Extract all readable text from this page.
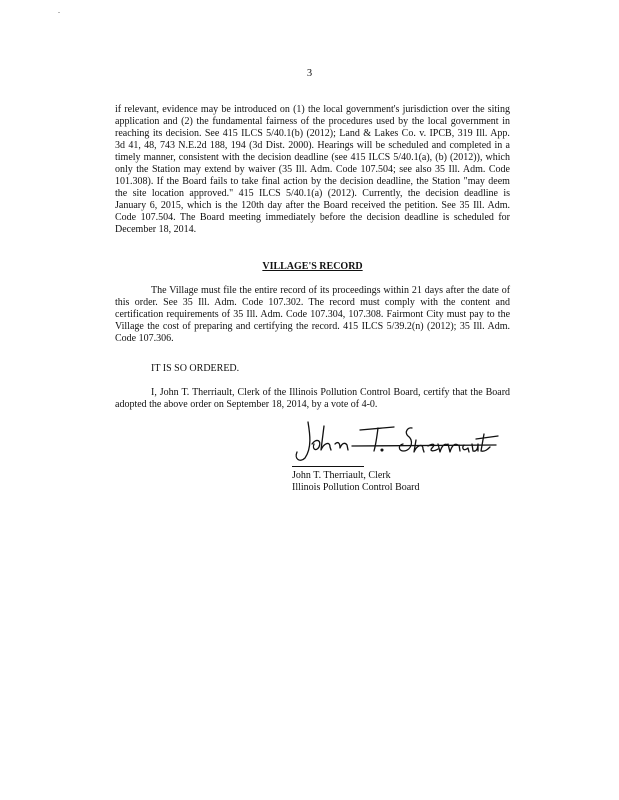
.
3

if relevant, evidence may be introduced on (1) the local government's jurisdiction over the siting
application and (2) the fundamental fairness of the procedures used by the local government in
reaching its decision. See 415 ILCS 5/40.1(b) (2012); Land & Lakes Co. v. IPCB, 319 Ill. App.
3d 41, 48, 743 N.E.2d 188, 194 (3d Dist. 2000). Hearings will be scheduled and completed in a
timely manner, consistent with the decision deadline (see 415 ILCS 5/40.1(a), (b) (2012)), which
only the Station may extend by waiver (35 Ill. Adm. Code 107.504; see also 35 Ill. Adm. Code
101.308). If the Board fails to take final action by the decision deadline, the Station "may deem
the site location approved." 415 ILCS 5/40.1(a) (2012). Currently, the decision deadline is
January 6, 2015, which is the 120th day after the Board received the petition. See 35 Ill. Adm.
Code 107.504. The Board meeting immediately before the decision deadline is scheduled for
December 18, 2014.

VILLAGE'S RECORD

The Village must file the entire record of its proceedings within 21 days after the date of
this order. See 35 Ill. Adm. Code 107.302. The record must comply with the content and
certification requirements of 35 Ill. Adm. Code 107.304, 107.308. Fairmont City must pay to the
Village the cost of preparing and certifying the record. 415 ILCS 5/39.2(n) (2012); 35 Ill. Adm.
Code 107.306.

IT IS SO ORDERED.

I, John T. Therriault, Clerk of the Illinois Pollution Control Board, certify that the Board
adopted the above order on September 18, 2014, by a vote of 4-0.

John T. Therriault, Clerk
Illinois Pollution Control Board
